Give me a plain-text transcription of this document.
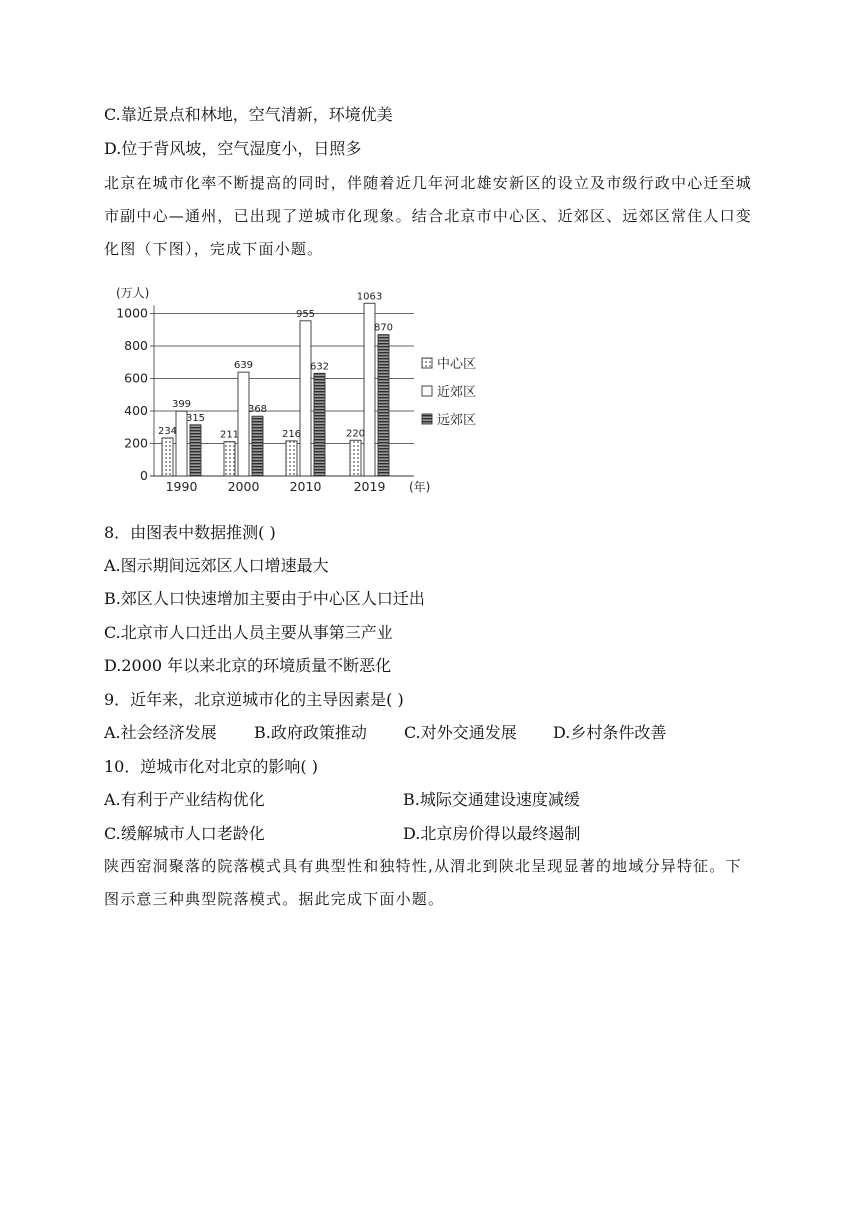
C.靠近景点和林地，空气清新，环境优美

D.位于背风坡，空气湿度小，日照多

北京在城市化率不断提高的同时，伴随着近几年河北雄安新区的设立及市级行政中心迁至城市副中心—通州，已出现了逆城市化现象。结合北京市中心区、近郊区、远郊区常住人口变化图（下图），完成下面小题。

0
200
400
600
800
1000
234
399
315
1990
211
639
368
2000
216
955
632
2010
220
1063
870
2019
(万人)
(年)
中心区
近郊区
远郊区

8．由图表中数据推测( )

A.图示期间远郊区人口增速最大

B.郊区人口快速增加主要由于中心区人口迁出

C.北京市人口迁出人员主要从事第三产业

D.2000 年以来北京的环境质量不断恶化

9．近年来，北京逆城市化的主导因素是( )

A.社会经济发展 B.政府政策推动 C.对外交通发展 D.乡村条件改善

10．逆城市化对北京的影响( )

A.有利于产业结构优化	B.城际交通建设速度减缓
C.缓解城市人口老龄化	D.北京房价得以最终遏制

陕西窑洞聚落的院落模式具有典型性和独特性,从渭北到陕北呈现显著的地域分异特征。下图示意三种典型院落模式。据此完成下面小题。
